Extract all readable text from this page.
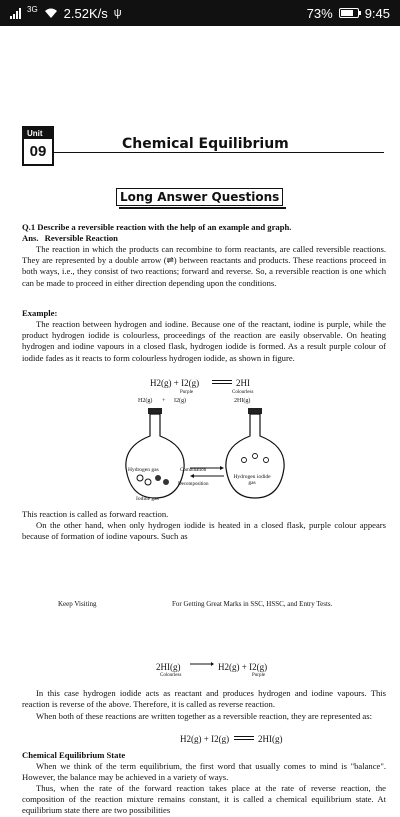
3G 2.52K/s ψ	73% 9:45
Unit
09	Chemical Equilibrium
Long Answer Questions
Q.1 Describe a reversible reaction with the help of an example and graph.
Ans. Reversible Reaction
The reaction in which the products can recombine to form reactants, are called reversible reactions. They are represented by a double arrow (⇌) between reactants and products. These reactions proceed in both ways, i.e., they consist of two reactions; forward and reverse. So, a reversible reaction is one which can be made to proceed in either direction depending upon the conditions.
Example:
The reaction between hydrogen and iodine. Because one of the reactant, iodine is purple, while the product hydrogen iodide is colourless, proceedings of the reaction are easily observable. On heating hydrogen and iodine vapours in a closed flask, hydrogen iodide is formed. As a result purple colour of iodide fades as it reacts to form colourless hydrogen iodide, as shown in figure.
H2(g) + I2(g)	2HI
Purple	Colourless
H2(g) + I2(g)	2HI(g)
Hydrogen gas
Iodine gas
Combination
Decomposition
Hydrogen iodide gas
This reaction is called as forward reaction.
On the other hand, when only hydrogen iodide is heated in a closed flask, purple colour appears because of formation of iodine vapours. Such as
Keep Visiting	For Getting Great Marks in SSC, HSSC, and Entry Tests.
2HI(g)	H2(g) + I2(g)
Colourless	Purple
In this case hydrogen iodide acts as reactant and produces hydrogen and iodine vapours. This reaction is reverse of the above. Therefore, it is called as reverse reaction.
When both of these reactions are written together as a reversible reaction, they are represented as:
H2(g) + I2(g)	2HI(g)
Chemical Equilibrium State
When we think of the term equilibrium, the first word that usually comes to mind is "balance". However, the balance may be achieved in a variety of ways.
Thus, when the rate of the forward reaction takes place at the rate of reverse reaction, the composition of the reaction mixture remains constant, it is called a chemical equilibrium state. At equilibrium state there are two possibilities
